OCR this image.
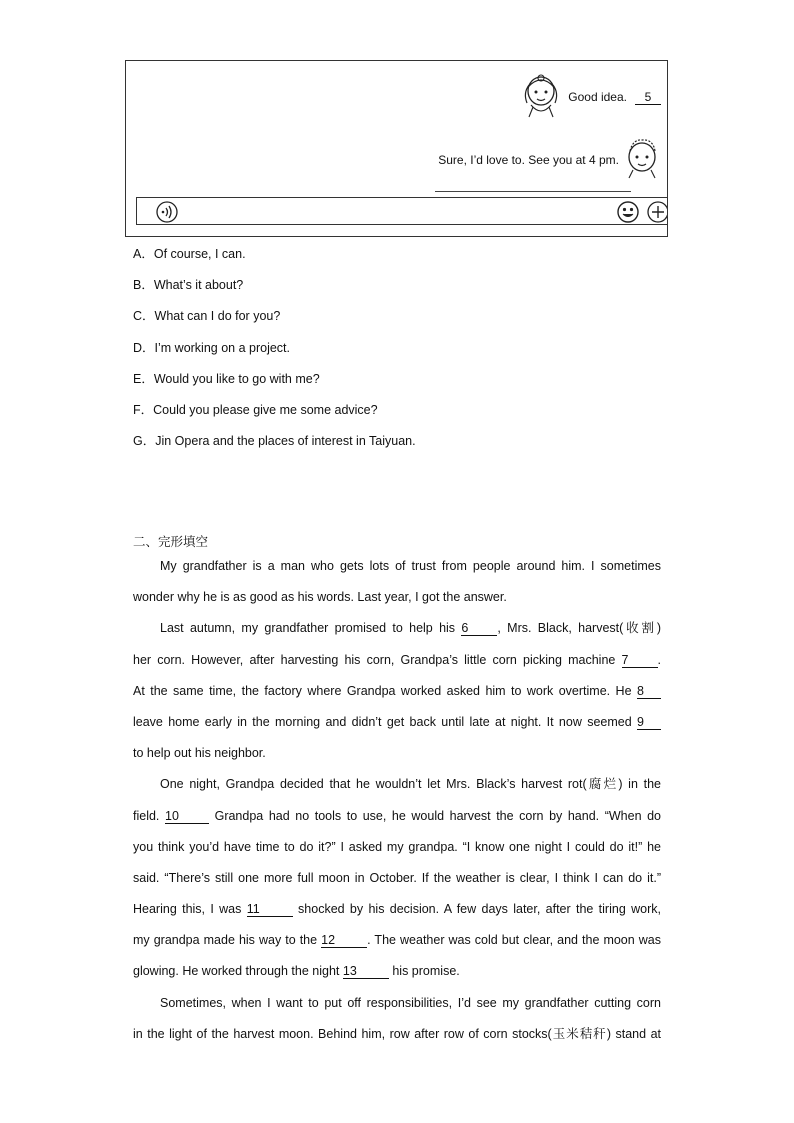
Good idea.	5
Sure, I’d love to. See you at 4 pm.
A．Of course, I can.
B．What’s it about?
C．What can I do for you?
D．I’m working on a project.
E．Would you like to go with me?
F．Could you please give me some advice?
G．Jin Opera and the places of interest in Taiyuan.
二、完形填空
My grandfather is a man who gets lots of trust from people around him. I sometimes
wonder why he is as good as his words. Last year, I got the answer.
Last autumn, my grandfather promised to help his 6 , Mrs. Black, harvest(收割)
her corn. However, after harvesting his corn, Grandpa’s little corn picking machine 7 .
At the same time, the factory where Grandpa worked asked him to work overtime. He 8
leave home early in the morning and didn’t get back until late at night. It now seemed 9
to help out his neighbor.
One night, Grandpa decided that he wouldn’t let Mrs. Black’s harvest rot(腐烂) in the
field. 10	Grandpa had no tools to use, he would harvest the corn by hand. “When do
you think you’d have time to do it?” I asked my grandpa. “I know one night I could do it!” he
said. “There’s still one more full moon in October. If the weather is clear, I think I can do it.”
Hearing this, I was 11	shocked by his decision. A few days later, after the tiring work,
my grandpa made his way to the 12	. The weather was cold but clear, and the moon was
glowing. He worked through the night 13	his promise.
Sometimes, when I want to put off responsibilities, I’d see my grandfather cutting corn
in the light of the harvest moon. Behind him, row after row of corn stocks(玉米秸秆) stand at
